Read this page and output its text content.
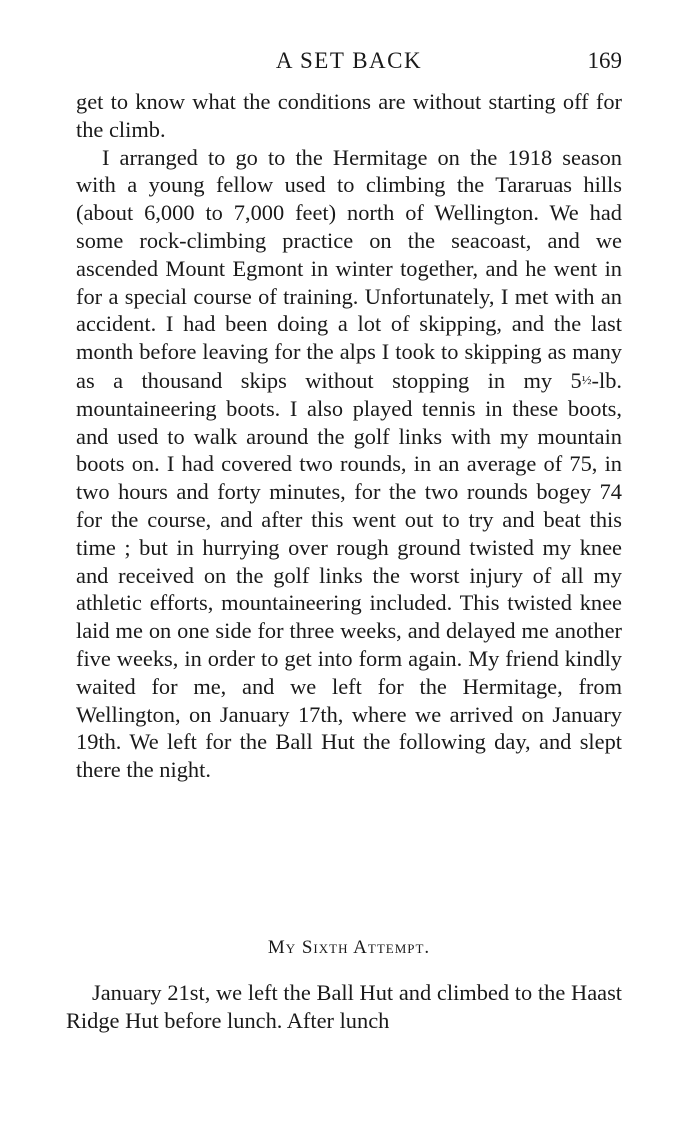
A SET BACK	169

get to know what the conditions are without starting off for the climb.

I arranged to go to the Hermitage on the 1918 season with a young fellow used to climbing the Tararuas hills (about 6,000 to 7,000 feet) north of Wellington. We had some rock-climbing practice on the seacoast, and we ascended Mount Egmont in winter together, and he went in for a special course of training. Unfortunately, I met with an accident. I had been doing a lot of skipping, and the last month before leaving for the alps I took to skipping as many as a thousand skips without stopping in my 5½-lb. mountaineering boots. I also played tennis in these boots, and used to walk around the golf links with my mountain boots on. I had covered two rounds, in an average of 75, in two hours and forty minutes, for the two rounds bogey 74 for the course, and after this went out to try and beat this time ; but in hurrying over rough ground twisted my knee and received on the golf links the worst injury of all my athletic efforts, mountaineering included. This twisted knee laid me on one side for three weeks, and delayed me another five weeks, in order to get into form again. My friend kindly waited for me, and we left for the Hermitage, from Wellington, on January 17th, where we arrived on January 19th. We left for the Ball Hut the following day, and slept there the night.

My Sixth Attempt.

January 21st, we left the Ball Hut and climbed to the Haast Ridge Hut before lunch. After lunch
